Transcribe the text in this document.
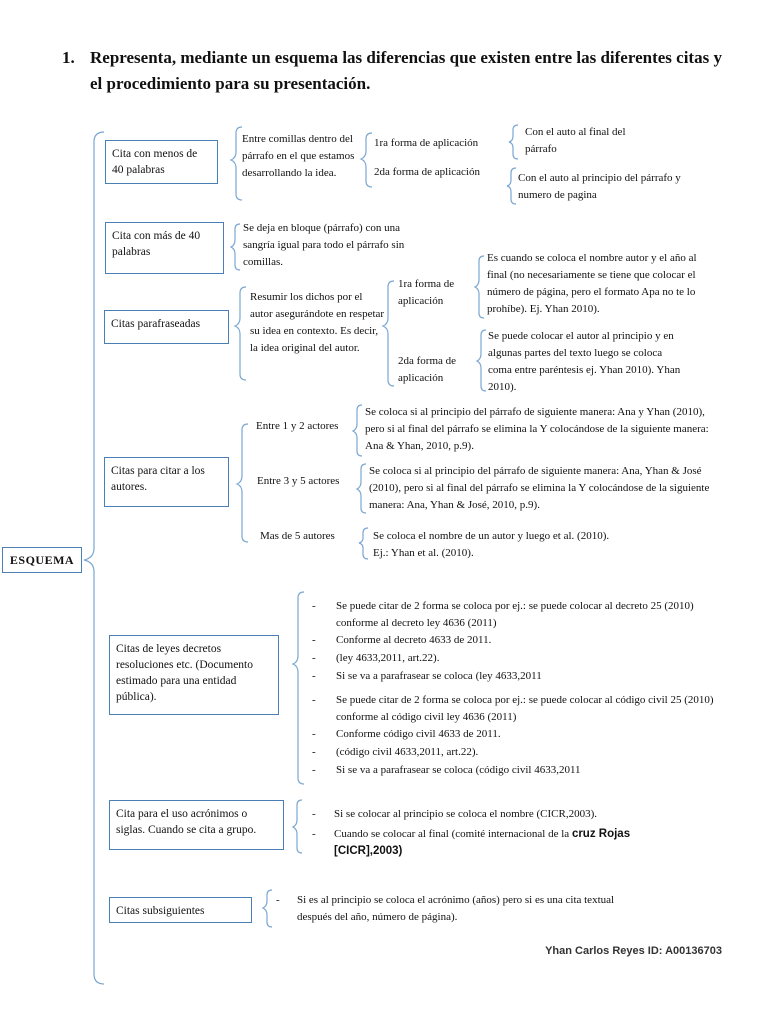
1. Representa, mediante un esquema las diferencias que existen entre las diferentes citas y
el procedimiento para su presentación.
ESQUEMA
Cita con menos de 40 palabras
Cita con más de 40 palabras
Citas parafraseadas
Citas para citar a los autores.
Citas de leyes decretos resoluciones etc. (Documento estimado para una entidad pública).
Cita para el uso acrónimos o siglas. Cuando se cita a grupo.
Citas subsiguientes
Entre comillas dentro del párrafo en el que estamos desarrollando la idea.
1ra forma de aplicación
Con el auto al final del párrafo
2da forma de aplicación	Con el auto al principio del párrafo y numero de pagina
Se deja en bloque (párrafo) con una sangría igual para todo el párrafo sin comillas.
Resumir los dichos por el autor asegurándote en respetar su idea en contexto. Es decir, la idea original del autor.
1ra forma de aplicación
Es cuando se coloca el nombre autor y el año al final (no necesariamente se tiene que colocar el número de página, pero el formato Apa no te lo prohíbe). Ej. Yhan 2010).
2da forma de aplicación
Se puede colocar el autor al principio y en algunas partes del texto luego se coloca coma entre paréntesis ej. Yhan 2010). Yhan 2010).
Entre 1 y 2 actores
Se coloca si al principio del párrafo de siguiente manera: Ana y Yhan (2010), pero si al final del párrafo se elimina la Y colocándose de la siguiente manera: Ana & Yhan, 2010, p.9).
Entre 3 y 5 actores
Se coloca si al principio del párrafo de siguiente manera: Ana, Yhan & José (2010), pero si al final del párrafo se elimina la Y colocándose de la siguiente manera: Ana, Yhan & José, 2010, p.9).
Mas de 5 autores	Se coloca el nombre de un autor y luego et al. (2010). Ej.: Yhan et al. (2010).
- Se puede citar de 2 forma se coloca por ej.: se puede colocar al decreto 25 (2010) conforme al decreto ley 4636 (2011)
- Conforme al decreto 4633 de 2011.
- (ley 4633,2011, art.22).
- Si se va a parafrasear se coloca (ley 4633,2011
- Se puede citar de 2 forma se coloca por ej.: se puede colocar al código civil 25 (2010) conforme al código civil ley 4636 (2011)
- Conforme código civil 4633 de 2011.
- (código civil 4633,2011, art.22).
- Si se va a parafrasear se coloca (código civil 4633,2011
- Si se colocar al principio se coloca el nombre (CICR,2003).
- Cuando se colocar al final (comité internacional de la cruz Rojas
[CICR],2003)
- Si es al principio se coloca el acrónimo (años) pero si es una cita textual después del año, número de página).
Yhan Carlos Reyes ID: A00136703
